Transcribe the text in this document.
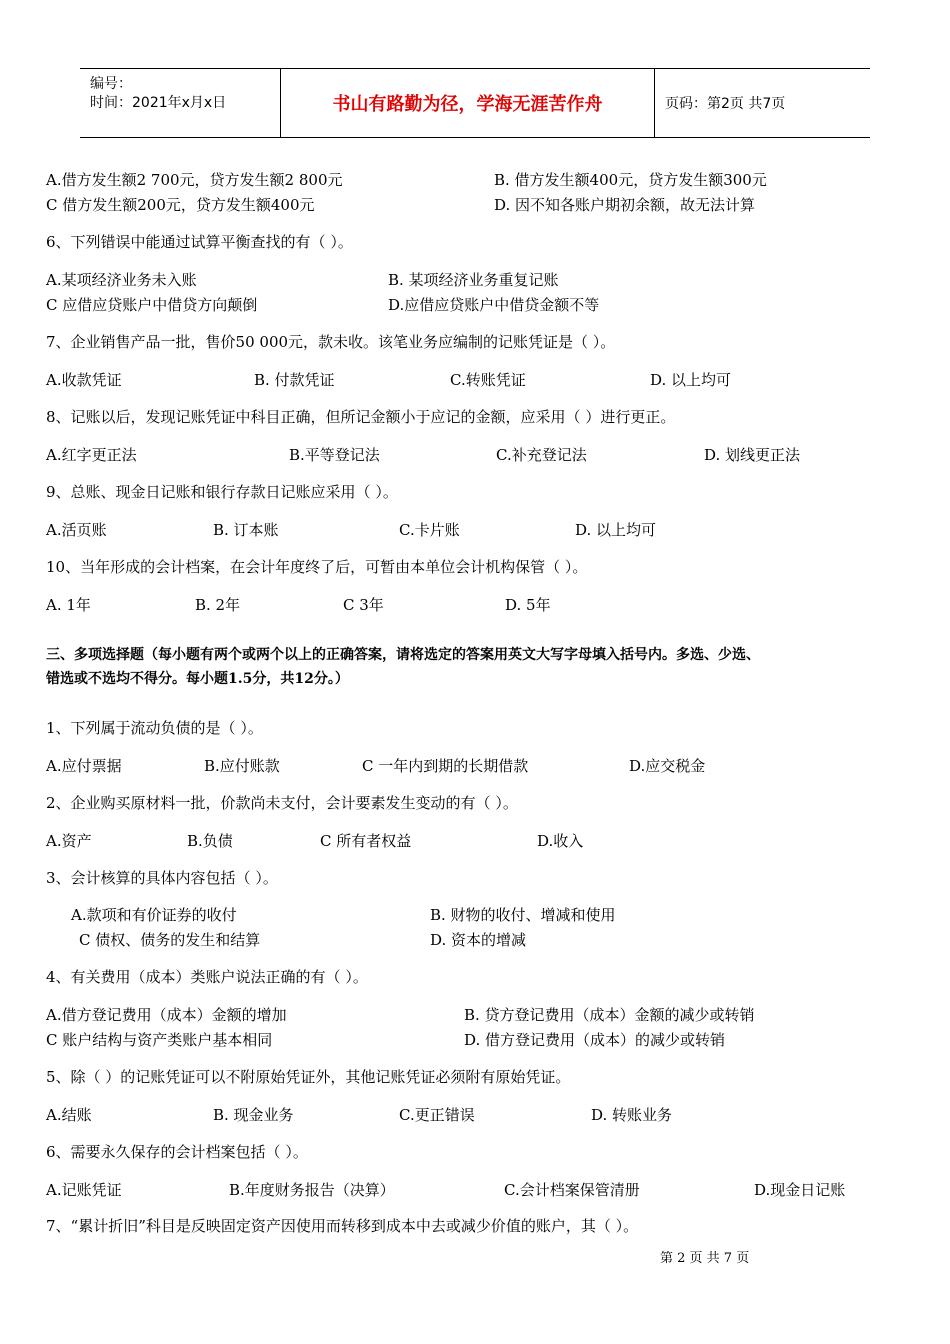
编号：
时间：2021年x月x日	书山有路勤为径，学海无涯苦作舟	页码：第2页 共7页
A.借方发生额2 700元，贷方发生额2 800元	B. 借方发生额400元，贷方发生额300元
C 借方发生额200元，贷方发生额400元	D. 因不知各账户期初余额，故无法计算
6、下列错误中能通过试算平衡查找的有（ ）。
A.某项经济业务未入账	B. 某项经济业务重复记账
C 应借应贷账户中借贷方向颠倒	D.应借应贷账户中借贷金额不等
7、企业销售产品一批，售价50 000元，款未收。该笔业务应编制的记账凭证是（ ）。
A.收款凭证	B. 付款凭证	C.转账凭证	D. 以上均可
8、记账以后，发现记账凭证中科目正确，但所记金额小于应记的金额，应采用（ ）进行更正。
A.红字更正法	B.平等登记法	C.补充登记法	D. 划线更正法
9、总账、现金日记账和银行存款日记账应采用（ ）。
A.活页账	B. 订本账	C.卡片账	D. 以上均可
10、当年形成的会计档案，在会计年度终了后，可暂由本单位会计机构保管（ ）。
A. 1年	B. 2年	C 3年	D. 5年
三、多项选择题（每小题有两个或两个以上的正确答案，请将选定的答案用英文大写字母填入括号内。多选、少选、
错选或不选均不得分。每小题1.5分，共12分。）
1、下列属于流动负债的是（ ）。
A.应付票据	B.应付账款	C 一年内到期的长期借款	D.应交税金
2、企业购买原材料一批，价款尚未支付，会计要素发生变动的有（ ）。
A.资产	B.负债	C 所有者权益	D.收入
3、会计核算的具体内容包括（ ）。
A.款项和有价证券的收付	B. 财物的收付、增减和使用
C 债权、债务的发生和结算	D. 资本的增减
4、有关费用（成本）类账户说法正确的有（ ）。
A.借方登记费用（成本）金额的增加	B. 贷方登记费用（成本）金额的减少或转销
C 账户结构与资产类账户基本相同	D. 借方登记费用（成本）的减少或转销
5、除（ ）的记账凭证可以不附原始凭证外，其他记账凭证必须附有原始凭证。
A.结账	B. 现金业务	C.更正错误	D. 转账业务
6、需要永久保存的会计档案包括（ ）。
A.记账凭证	B.年度财务报告（决算）	C.会计档案保管清册	D.现金日记账
7、“累计折旧”科目是反映固定资产因使用而转移到成本中去或减少价值的账户，其（ ）。
第 2 页 共 7 页
